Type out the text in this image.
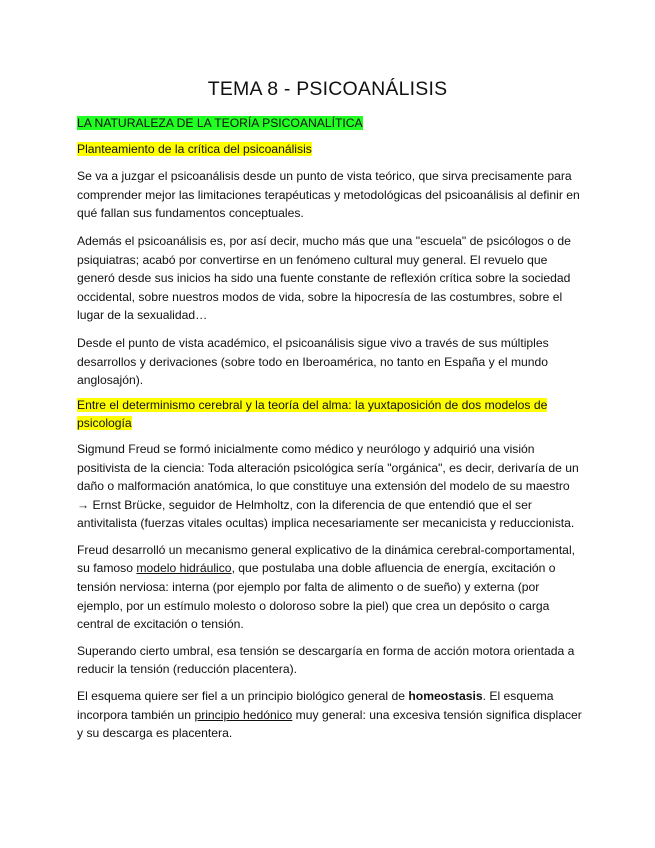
TEMA 8 - PSICOANÁLISIS
LA NATURALEZA DE LA TEORÍA PSICOANALÍTICA
Planteamiento de la crítica del psicoanálisis

Se va a juzgar el psicoanálisis desde un punto de vista teórico, que sirva precisamente para comprender mejor las limitaciones terapéuticas y metodológicas del psicoanálisis al definir en qué fallan sus fundamentos conceptuales.

Además el psicoanálisis es, por así decir, mucho más que una "escuela" de psicólogos o de psiquiatras; acabó por convertirse en un fenómeno cultural muy general. El revuelo que generó desde sus inicios ha sido una fuente constante de reflexión crítica sobre la sociedad occidental, sobre nuestros modos de vida, sobre la hipocresía de las costumbres, sobre el lugar de la sexualidad…

Desde el punto de vista académico, el psicoanálisis sigue vivo a través de sus múltiples desarrollos y derivaciones (sobre todo en Iberoamérica, no tanto en España y el mundo anglosajón).

Entre el determinismo cerebral y la teoría del alma: la yuxtaposición de dos modelos de psicología

Sigmund Freud se formó inicialmente como médico y neurólogo y adquirió una visión positivista de la ciencia: Toda alteración psicológica sería "orgánica", es decir, derivaría de un daño o malformación anatómica, lo que constituye una extensión del modelo de su maestro → Ernst Brücke, seguidor de Helmholtz, con la diferencia de que entendió que el ser antivitalista (fuerzas vitales ocultas) implica necesariamente ser mecanicista y reduccionista.

Freud desarrolló un mecanismo general explicativo de la dinámica cerebral-comportamental, su famoso modelo hidráulico, que postulaba una doble afluencia de energía, excitación o tensión nerviosa: interna (por ejemplo por falta de alimento o de sueño) y externa (por ejemplo, por un estímulo molesto o doloroso sobre la piel) que crea un depósito o carga central de excitación o tensión.

Superando cierto umbral, esa tensión se descargaría en forma de acción motora orientada a reducir la tensión (reducción placentera).

El esquema quiere ser fiel a un principio biológico general de homeostasis. El esquema incorpora también un principio hedónico muy general: una excesiva tensión significa displacer y su descarga es placentera.
